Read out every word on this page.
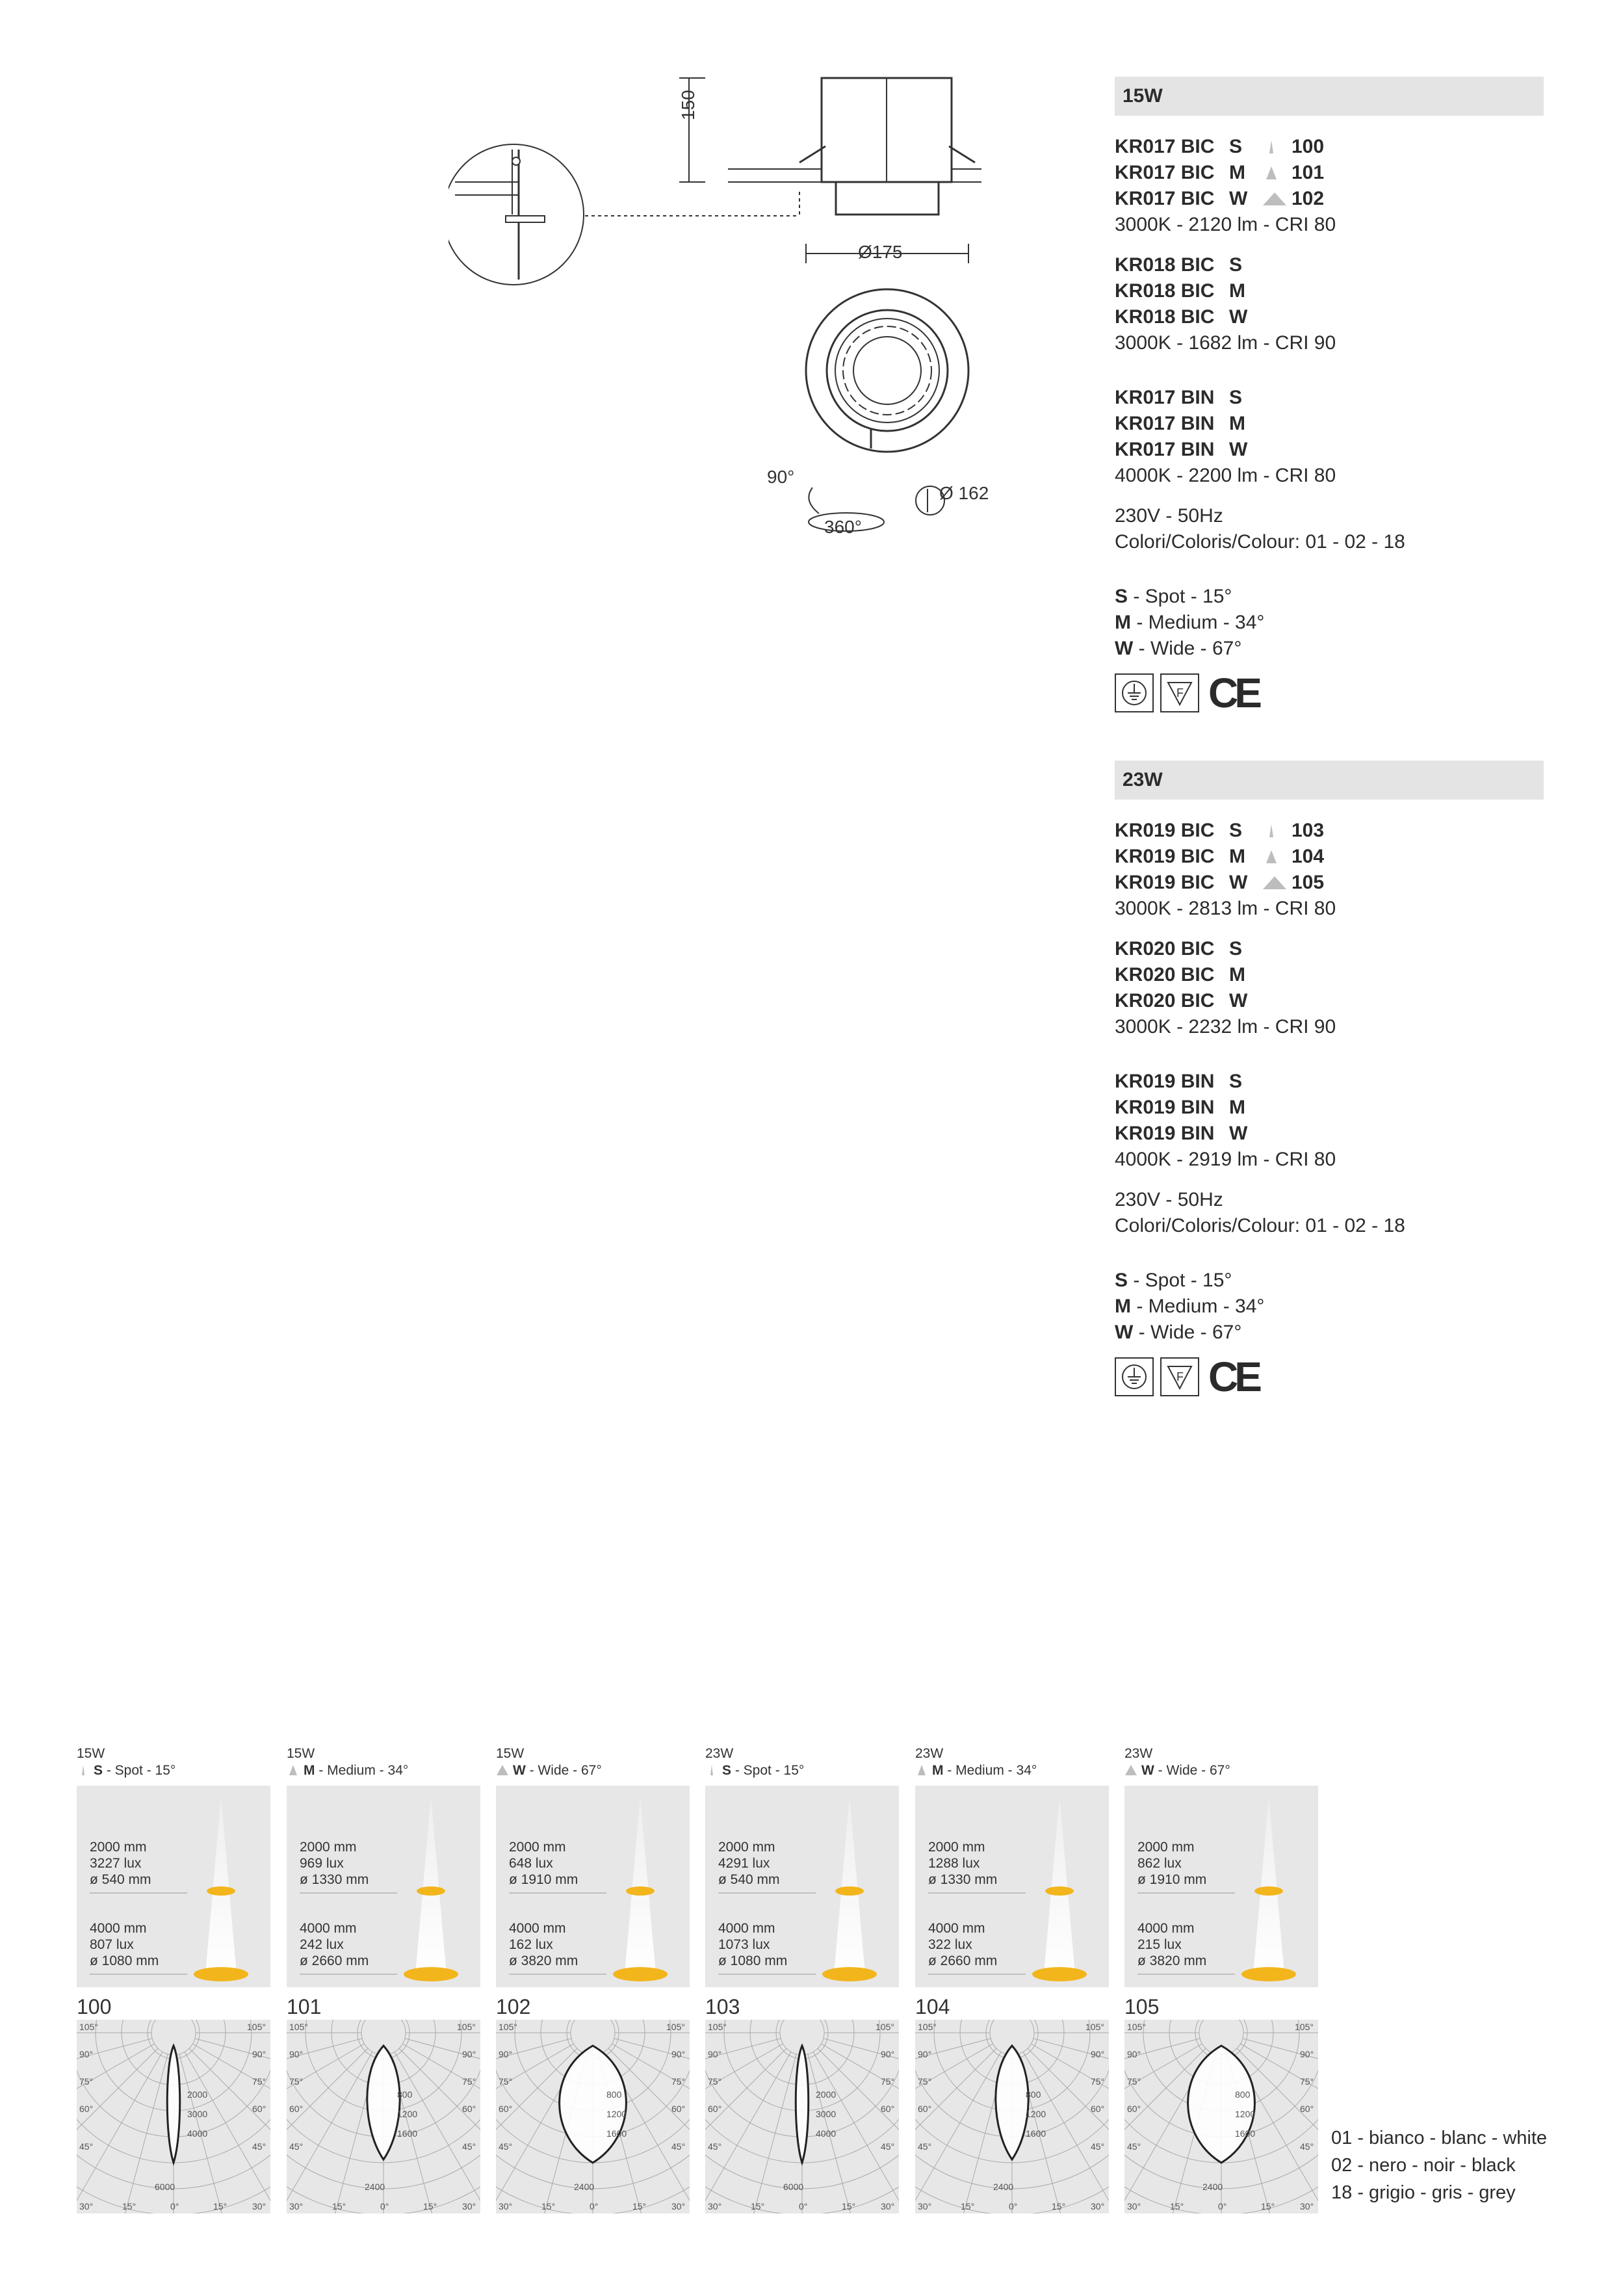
150
Ø175
90°
360°
Ø 162
15W
KR017 BIC S	100
KR017 BIC M 101
KR017 BIC W 102
3000K - 2120 lm - CRI 80
KR018 BIC S
KR018 BIC M
KR018 BIC W
3000K - 1682 lm - CRI 90
KR017 BIN S
KR017 BIN M
KR017 BIN W
4000K - 2200 lm - CRI 80
230V - 50Hz
Colori/Coloris/Colour: 01 - 02 - 18
S - Spot - 15°
M - Medium - 34°
W - Wide - 67°
F CE
23W
KR019 BIC S	103
KR019 BIC M 104
KR019 BIC W 105
3000K - 2813 lm - CRI 80
KR020 BIC S
KR020 BIC M
KR020 BIC W
3000K - 2232 lm - CRI 90
KR019 BIN S
KR019 BIN M
KR019 BIN W
4000K - 2919 lm - CRI 80
230V - 50Hz
Colori/Coloris/Colour: 01 - 02 - 18
S - Spot - 15°
M - Medium - 34°
W - Wide - 67°
F CE
15W
S - Spot - 15°
2000 mm
3227 lux
ø 540 mm
4000 mm
807 lux
ø 1080 mm
100
105°	105°
90°	90°
75°	75°
60°	60°
45°	45°
30°	30°
15°	15°
0°
2000
3000
4000
6000
15W
M - Medium - 34°
2000 mm
969 lux
ø 1330 mm
4000 mm
242 lux
ø 2660 mm
101
105°	105°
90°	90°
75°	75°
60°	60°
45°	45°
30°	30°
15°	15°
0°
800
1200
1600
2400
15W
W - Wide - 67°
2000 mm
648 lux
ø 1910 mm
4000 mm
162 lux
ø 3820 mm
102
105°	105°
90°	90°
75°	75°
60°	60°
45°	45°
30°	30°
15°	15°
0°
800
1200
1600
2400
23W
S - Spot - 15°
2000 mm
4291 lux
ø 540 mm
4000 mm
1073 lux
ø 1080 mm
103
105°	105°
90°	90°
75°	75°
60°	60°
45°	45°
30°	30°
15°	15°
0°
2000
3000
4000
6000
23W
M - Medium - 34°
2000 mm
1288 lux
ø 1330 mm
4000 mm
322 lux
ø 2660 mm
104
105°	105°
90°	90°
75°	75°
60°	60°
45°	45°
30°	30°
15°	15°
0°
800
1200
1600
2400
23W
W - Wide - 67°
2000 mm
862 lux
ø 1910 mm
4000 mm
215 lux
ø 3820 mm
105
105°	105°
90°	90°
75°	75°
60°	60°
45°	45°
30°	30°
15°	15°
0°
800
1200
1600
2400
01 - bianco - blanc - white
02 - nero - noir - black
18 - grigio - gris - grey
